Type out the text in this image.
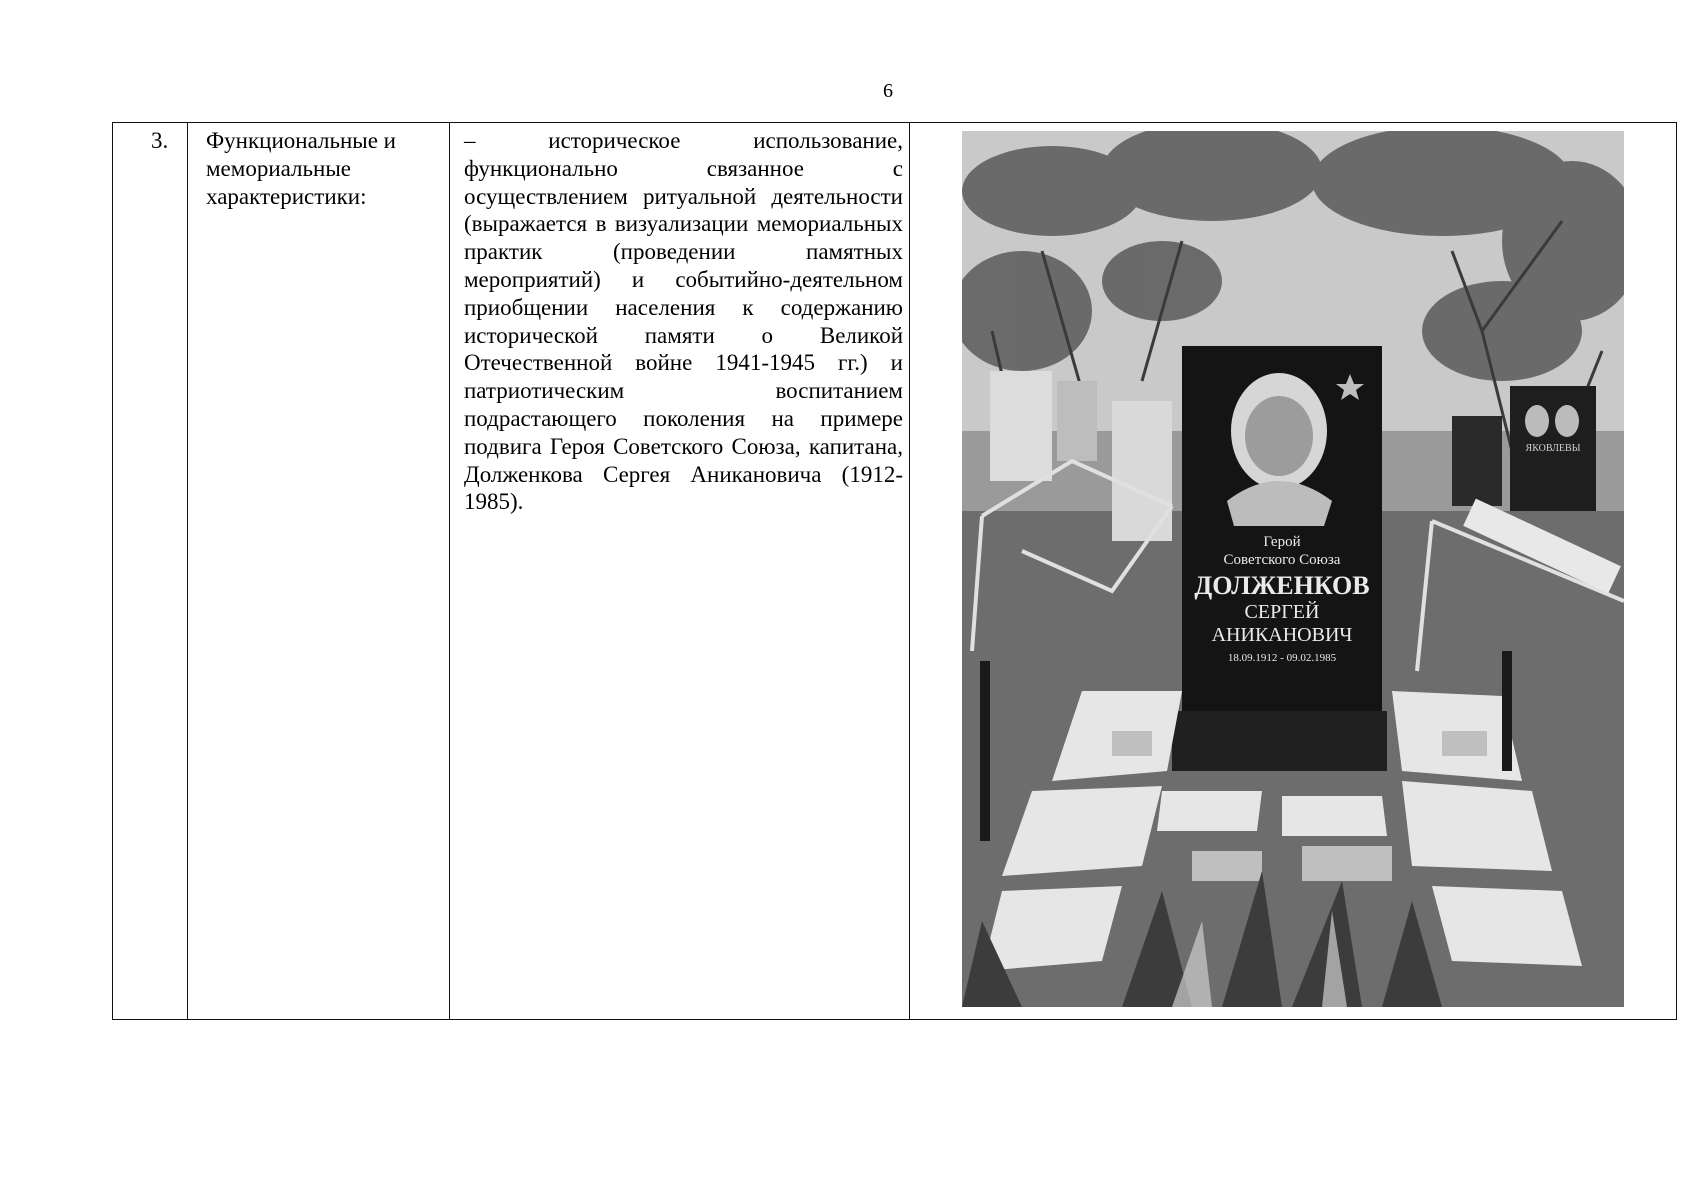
6
3.	Функциональные и мемориальные характеристики:

– историческое использование, функционально связанное с осуществлением ритуальной деятельности (выражается в визуализации мемориальных практик (проведении памятных мероприятий) и событийно-деятельном приобщении населения к содержанию исторической памяти о Великой Отечественной войне 1941-1945 гг.) и патриотическим воспитанием подрастающего поколения на примере подвига Героя Советского Союза, капитана, Долженкова Сергея Аникановича (1912-1985).

ЯКОВЛЕВЫ
Герой
Советского Союза
ДОЛЖЕНКОВ
СЕРГЕЙ
АНИКАНОВИЧ
18.09.1912 - 09.02.1985
